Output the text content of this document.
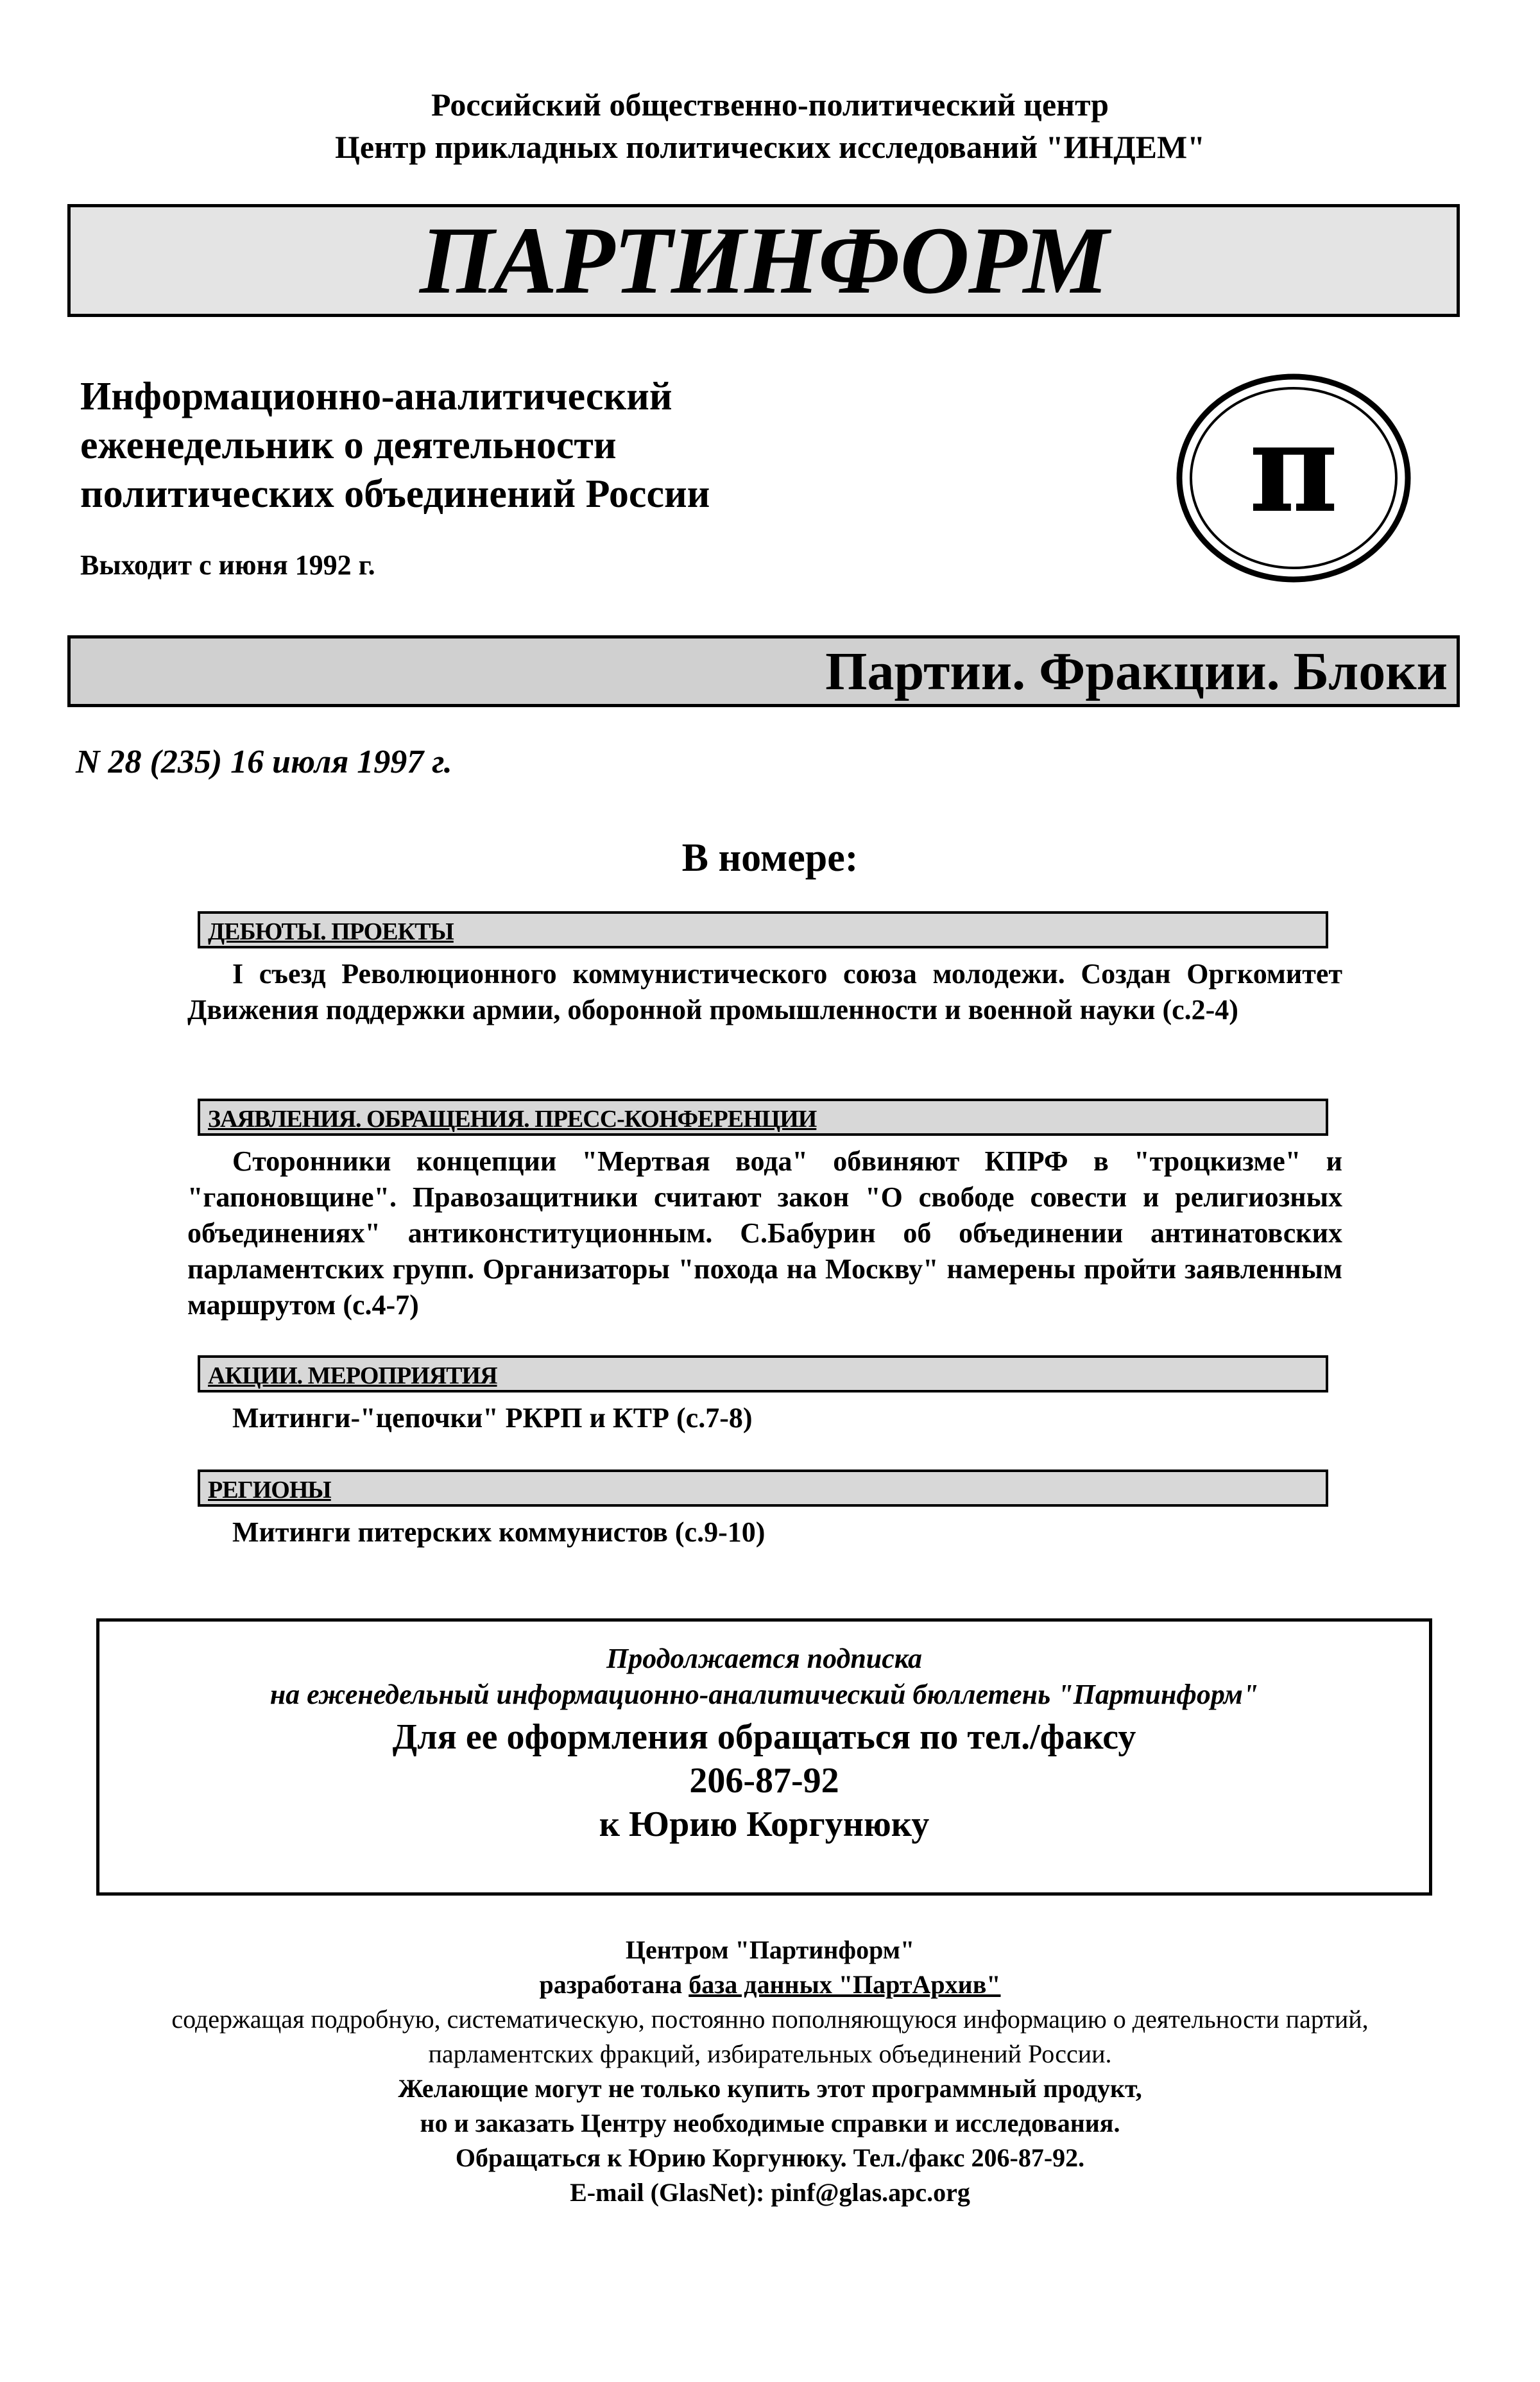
Российский общественно-политический центр
Центр прикладных политических исследований "ИНДЕМ"
ПАРТИНФОРМ
Информационно-аналитический
еженедельник о деятельности
политических объединений России
Выходит с июня 1992 г.
π
Партии. Фракции. Блоки
N 28 (235) 16 июля 1997 г.
В номере:
ДЕБЮТЫ. ПРОЕКТЫ

I съезд Революционного коммунистического союза молодежи. Создан Оргкомитет Движения поддержки армии, оборонной промышленности и военной науки (с.2-4)

ЗАЯВЛЕНИЯ. ОБРАЩЕНИЯ. ПРЕСС-КОНФЕРЕНЦИИ

Сторонники концепции "Мертвая вода" обвиняют КПРФ в "троцкизме" и "гапоновщине". Правозащитники считают закон "О свободе совести и религиозных объединениях" антиконституционным. С.Бабурин об объединении антинатовских парламентских групп. Организаторы "похода на Москву" намерены пройти заявленным маршрутом (с.4-7)

АКЦИИ. МЕРОПРИЯТИЯ

Митинги-"цепочки" РКРП и КТР (с.7-8)

РЕГИОНЫ

Митинги питерских коммунистов (с.9-10)

Продолжается подписка
на еженедельный информационно-аналитический бюллетень "Партинформ"
Для ее оформления обращаться по тел./факсу
206-87-92
к Юрию Коргунюку
Центром "Партинформ"
разработана база данных "ПартАрхив"
содержащая подробную, систематическую, постоянно пополняющуюся информацию о деятельности партий,
парламентских фракций, избирательных объединений России.
Желающие могут не только купить этот программный продукт,
но и заказать Центру необходимые справки и исследования.
Обращаться к Юрию Коргунюку. Тел./факс 206-87-92.
E-mail (GlasNet): pinf@glas.apc.org
